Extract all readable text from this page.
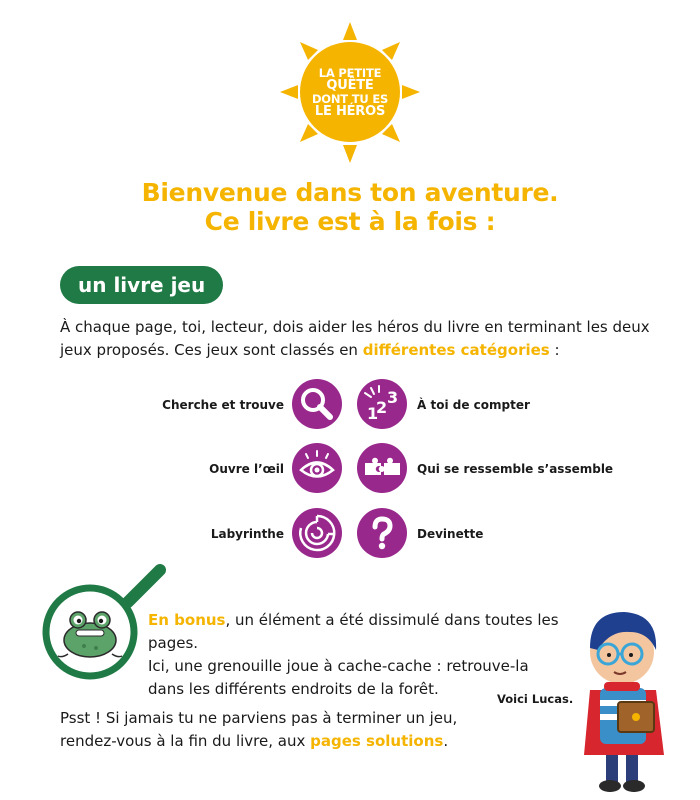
LA PETITE
QUÊTE
DONT TU ES
LE HÉROS
Bienvenue dans ton aventure.
Ce livre est à la fois :
un livre jeu
À chaque page, toi, lecteur, dois aider les héros du livre en terminant les deux jeux proposés. Ces jeux sont classés en différentes catégories :
Cherche et trouve	À toi de compter
Ouvre l’œil	Qui se ressemble s’assemble
Labyrinthe	Devinette
1
2
3
En bonus, un élément a été dissimulé dans toutes les pages.
Ici, une grenouille joue à cache-cache : retrouve-la
dans les différents endroits de la forêt.
Psst ! Si jamais tu ne parviens pas à terminer un jeu,
rendez-vous à la fin du livre, aux pages solutions.
Voici Lucas.
